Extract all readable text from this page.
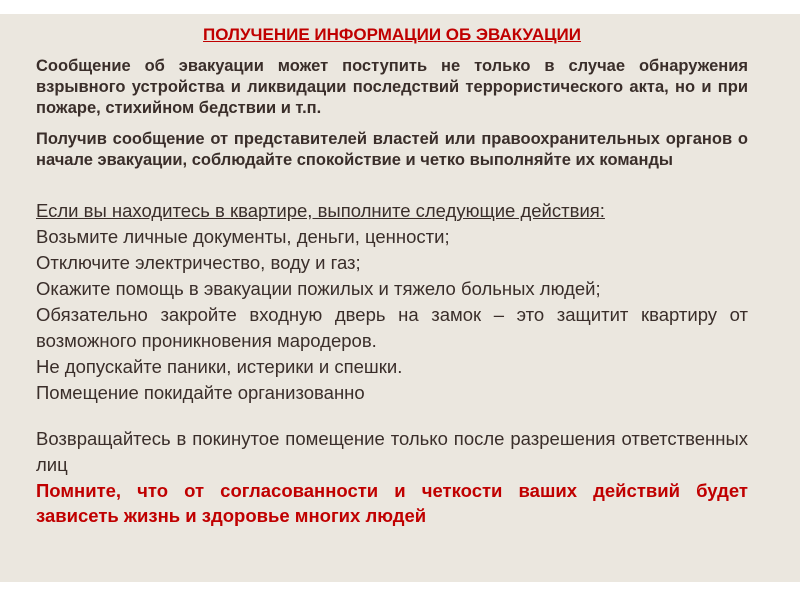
ПОЛУЧЕНИЕ ИНФОРМАЦИИ ОБ ЭВАКУАЦИИ

Сообщение об эвакуации может поступить не только в случае обнаружения взрывного устройства и ликвидации последствий террористического акта, но и при пожаре, стихийном бедствии и т.п.

Получив сообщение от представителей властей или правоохранительных органов о начале эвакуации, соблюдайте спокойствие и четко выполняйте их команды

Если вы находитесь в квартире, выполните следующие действия:

Возьмите личные документы, деньги, ценности;

Отключите электричество, воду и газ;

Окажите помощь в эвакуации пожилых и тяжело больных людей;

Обязательно закройте входную дверь на замок – это защитит квартиру от возможного проникновения мародеров.

Не допускайте паники, истерики и спешки.

Помещение покидайте организованно

Возвращайтесь в покинутое помещение только после разрешения ответственных лиц

Помните, что от согласованности и четкости ваших действий будет зависеть жизнь и здоровье многих людей
